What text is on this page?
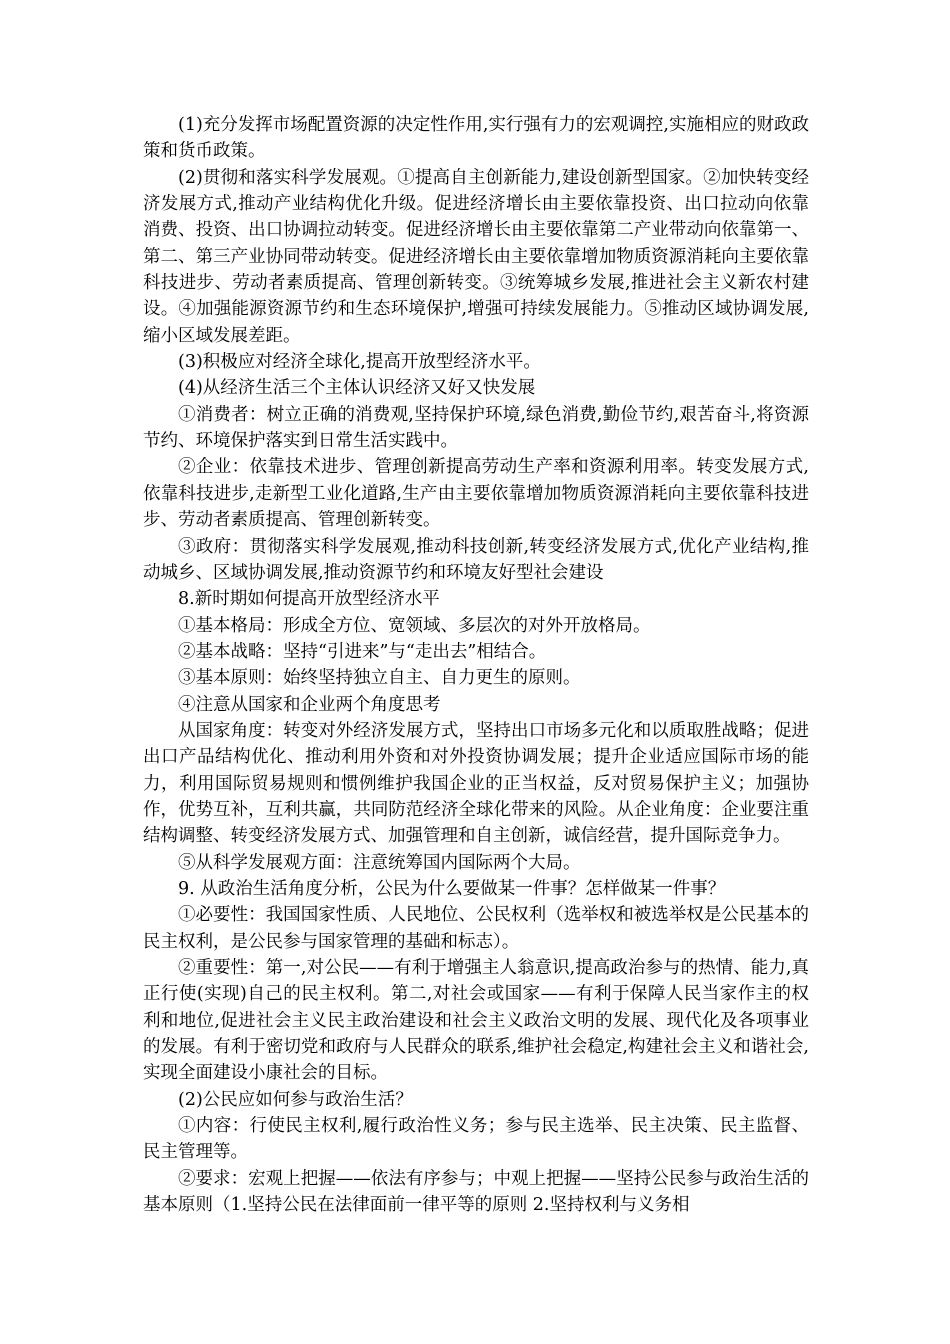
(1)充分发挥市场配置资源的决定性作用,实行强有力的宏观调控,实施相应的财政政策和货币政策。

(2)贯彻和落实科学发展观。①提高自主创新能力,建设创新型国家。②加快转变经济发展方式,推动产业结构优化升级。促进经济增长由主要依靠投资、出口拉动向依靠消费、投资、出口协调拉动转变。促进经济增长由主要依靠第二产业带动向依靠第一、第二、第三产业协同带动转变。促进经济增长由主要依靠增加物质资源消耗向主要依靠科技进步、劳动者素质提高、管理创新转变。③统筹城乡发展,推进社会主义新农村建设。④加强能源资源节约和生态环境保护,增强可持续发展能力。⑤推动区域协调发展,缩小区域发展差距。

(3)积极应对经济全球化,提高开放型经济水平。

(4)从经济生活三个主体认识经济又好又快发展

①消费者：树立正确的消费观,坚持保护环境,绿色消费,勤俭节约,艰苦奋斗,将资源节约、环境保护落实到日常生活实践中。

②企业：依靠技术进步、管理创新提高劳动生产率和资源利用率。转变发展方式,依靠科技进步,走新型工业化道路,生产由主要依靠增加物质资源消耗向主要依靠科技进步、劳动者素质提高、管理创新转变。

③政府：贯彻落实科学发展观,推动科技创新,转变经济发展方式,优化产业结构,推动城乡、区域协调发展,推动资源节约和环境友好型社会建设

8.新时期如何提高开放型经济水平

①基本格局：形成全方位、宽领域、多层次的对外开放格局。

②基本战略：坚持“引进来”与“走出去”相结合。

③基本原则：始终坚持独立自主、自力更生的原则。

④注意从国家和企业两个角度思考

从国家角度：转变对外经济发展方式，坚持出口市场多元化和以质取胜战略；促进出口产品结构优化、推动利用外资和对外投资协调发展；提升企业适应国际市场的能力，利用国际贸易规则和惯例维护我国企业的正当权益，反对贸易保护主义；加强协作，优势互补，互利共赢，共同防范经济全球化带来的风险。从企业角度：企业要注重结构调整、转变经济发展方式、加强管理和自主创新，诚信经营，提升国际竞争力。

⑤从科学发展观方面：注意统筹国内国际两个大局。

9. 从政治生活角度分析，公民为什么要做某一件事？怎样做某一件事？

①必要性：我国国家性质、人民地位、公民权利（选举权和被选举权是公民基本的民主权利，是公民参与国家管理的基础和标志）。

②重要性：第一,对公民——有利于增强主人翁意识,提高政治参与的热情、能力,真正行使(实现)自己的民主权利。第二,对社会或国家——有利于保障人民当家作主的权利和地位,促进社会主义民主政治建设和社会主义政治文明的发展、现代化及各项事业的发展。有利于密切党和政府与人民群众的联系,维护社会稳定,构建社会主义和谐社会,实现全面建设小康社会的目标。

(2)公民应如何参与政治生活？

①内容：行使民主权利,履行政治性义务；参与民主选举、民主决策、民主监督、民主管理等。

②要求：宏观上把握——依法有序参与；中观上把握——坚持公民参与政治生活的基本原则（1.坚持公民在法律面前一律平等的原则 2.坚持权利与义务相
